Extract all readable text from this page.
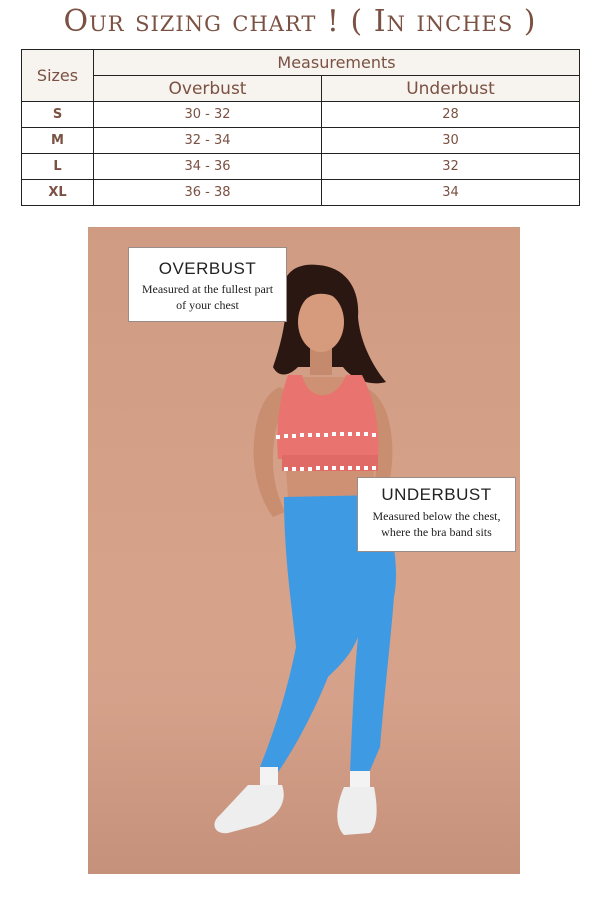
Our sizing chart ! ( In inches )
Sizes	Measurements	
	Overbust	Underbust
S	30 - 32	28
M	32 - 34	30
L	34 - 36	32
XL	36 - 38	34
OVERBUST
Measured at the fullest part of your chest
UNDERBUST
Measured below the chest, where the bra band sits
